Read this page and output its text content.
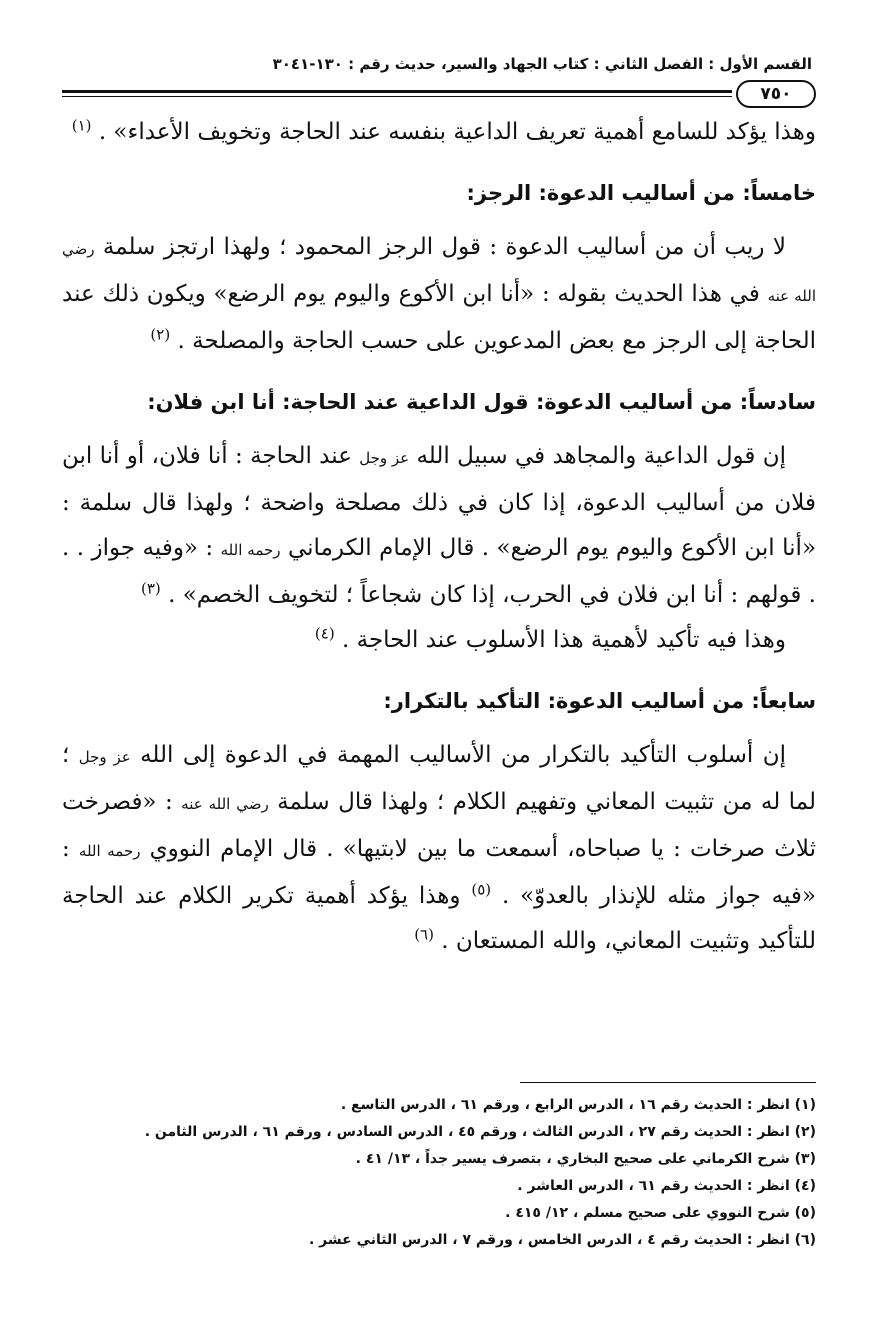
القسم الأول : الفصل الثاني : كتاب الجهاد والسير، حديث رقم : ١٣٠-٣٠٤١
٧٥٠

وهذا يؤكد للسامع أهمية تعريف الداعية بنفسه عند الحاجة وتخويف الأعداء» . $^{(١)}$

خامساً: من أساليب الدعوة: الرجز:

لا ريب أن من أساليب الدعوة : قول الرجز المحمود ؛ ولهذا ارتجز سلمة رضي الله عنه في هذا الحديث بقوله : «أنا ابن الأكوع واليوم يوم الرضع» ويكون ذلك عند الحاجة إلى الرجز مع بعض المدعوين على حسب الحاجة والمصلحة . $^{(٢)}$

سادساً: من أساليب الدعوة: قول الداعية عند الحاجة: أنا ابن فلان:

إن قول الداعية والمجاهد في سبيل الله عز وجل عند الحاجة : أنا فلان، أو أنا ابن فلان من أساليب الدعوة، إذا كان في ذلك مصلحة واضحة ؛ ولهذا قال سلمة : «أنا ابن الأكوع واليوم يوم الرضع» . قال الإمام الكرماني رحمه الله : «وفيه جواز . . . قولهم : أنا ابن فلان في الحرب، إذا كان شجاعاً ؛ لتخويف الخصم» . $^{(٣)}$

وهذا فيه تأكيد لأهمية هذا الأسلوب عند الحاجة . $^{(٤)}$

سابعاً: من أساليب الدعوة: التأكيد بالتكرار:

إن أسلوب التأكيد بالتكرار من الأساليب المهمة في الدعوة إلى الله عز وجل ؛ لما له من تثبيت المعاني وتفهيم الكلام ؛ ولهذا قال سلمة رضي الله عنه : «فصرخت ثلاث صرخات : يا صباحاه، أسمعت ما بين لابتيها» . قال الإمام النووي رحمه الله : «فيه جواز مثله للإنذار بالعدوّ» . $^{(٥)}$ وهذا يؤكد أهمية تكرير الكلام عند الحاجة للتأكيد وتثبيت المعاني، والله المستعان . $^{(٦)}$

(١) انظر : الحديث رقم ١٦ ، الدرس الرابع ، ورقم ٦١ ، الدرس التاسع .
(٢) انظر : الحديث رقم ٢٧ ، الدرس الثالث ، ورقم ٤٥ ، الدرس السادس ، ورقم ٦١ ، الدرس الثامن .
(٣) شرح الكرماني على صحيح البخاري ، بتصرف يسير جداً ، ١٣/ ٤١ .
(٤) انظر : الحديث رقم ٦١ ، الدرس العاشر .
(٥) شرح النووي على صحيح مسلم ، ١٢/ ٤١٥ .
(٦) انظر : الحديث رقم ٤ ، الدرس الخامس ، ورقم ٧ ، الدرس الثاني عشر .
